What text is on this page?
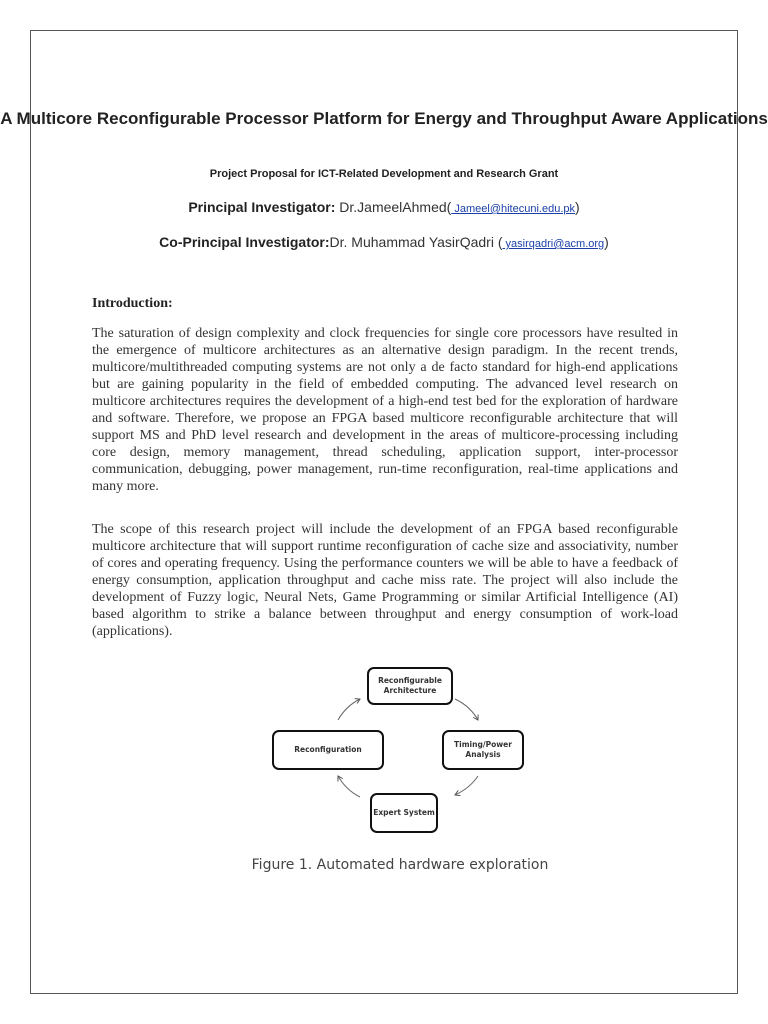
A Multicore Reconfigurable Processor Platform for Energy and Throughput Aware Applications
Project Proposal for ICT-Related Development and Research Grant
Principal Investigator: Dr.JameelAhmed( Jameel@hitecuni.edu.pk)
Co-Principal Investigator:Dr. Muhammad YasirQadri ( yasirqadri@acm.org)
Introduction:

The saturation of design complexity and clock frequencies for single core processors have resulted in the emergence of multicore architectures as an alternative design paradigm. In the recent trends, multicore/multithreaded computing systems are not only a de facto standard for high-end applications but are gaining popularity in the field of embedded computing. The advanced level research on multicore architectures requires the development of a high-end test bed for the exploration of hardware and software. Therefore, we propose an FPGA based multicore reconfigurable architecture that will support MS and PhD level research and development in the areas of multicore-processing including core design, memory management, thread scheduling, application support, inter-processor communication, debugging, power management, run-time reconfiguration, real-time applications and many more.

The scope of this research project will include the development of an FPGA based reconfigurable multicore architecture that will support runtime reconfiguration of cache size and associativity, number of cores and operating frequency. Using the performance counters we will be able to have a feedback of energy consumption, application throughput and cache miss rate. The project will also include the development of Fuzzy logic, Neural Nets, Game Programming or similar Artificial Intelligence (AI) based algorithm to strike a balance between throughput and energy consumption of work-load (applications).

Reconfigurable Architecture
Timing/Power Analysis
Expert System
Reconfiguration
Figure 1. Automated hardware exploration
